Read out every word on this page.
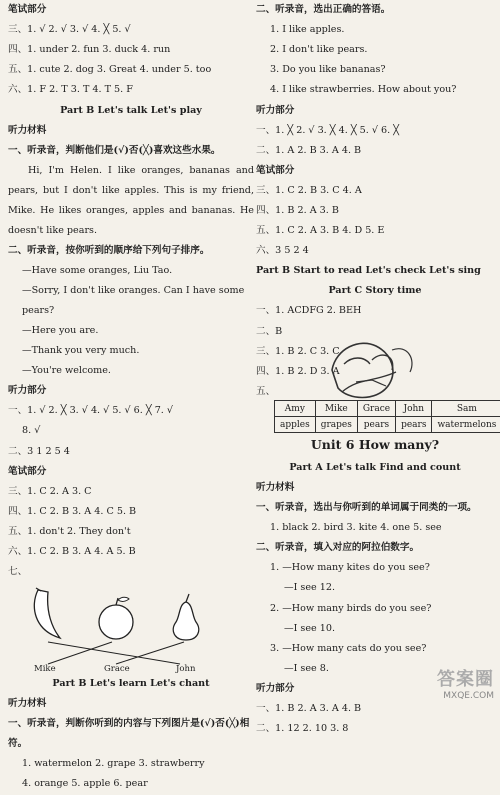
笔试部分
三、1. √ 2. √ 3. √ 4. ╳ 5. √
四、1. under 2. fun 3. duck 4. run
五、1. cute 2. dog 3. Great 4. under 5. too
六、1. F 2. T 3. T 4. T 5. F
Part B Let's talk Let's play
听力材料
一、听录音，判断他们是(√)否(╳)喜欢这些水果。
Hi, I'm Helen. I like oranges, bananas and pears, but I don't like apples. This is my friend, Mike. He likes oranges, apples and bananas. He doesn't like pears.
二、听录音，按你听到的顺序给下列句子排序。
—Have some oranges, Liu Tao.
—Sorry, I don't like oranges. Can I have some pears?
—Here you are.
—Thank you very much.
—You're welcome.
听力部分
一、1. √ 2. ╳ 3. √ 4. √ 5. √ 6. ╳ 7. √
8. √
二、3 1 2 5 4
笔试部分
三、1. C 2. A 3. C
四、1. C 2. B 3. A 4. C 5. B
五、1. don't 2. They don't
六、1. C 2. B 3. A 4. A 5. B
七、
Mike	Grace	John
Part B Let's learn Let's chant
听力材料
一、听录音，判断你听到的内容与下列图片是(√)否(╳)相符。
1. watermelon 2. grape 3. strawberry
4. orange 5. apple 6. pear
二、听录音，选出正确的答语。
1. I like apples.
2. I don't like pears.
3. Do you like bananas?
4. I like strawberries. How about you?
听力部分
一、1. ╳ 2. √ 3. ╳ 4. ╳ 5. √ 6. ╳
二、1. A 2. B 3. A 4. B
笔试部分
三、1. C 2. B 3. C 4. A
四、1. B 2. A 3. B
五、1. C 2. A 3. B 4. D 5. E
六、3 5 2 4
Part B Start to read Let's check Let's sing
Part C Story time
一、1. ACDFG 2. BEH
二、B
三、1. B 2. C 3. C
四、1. B 2. D 3. A
五、
Amy	Mike	Grace	John	Sam
apples	grapes	pears	pears	watermelons
Unit 6 How many?
Part A Let's talk Find and count
听力材料
一、听录音，选出与你听到的单词属于同类的一项。
1. black 2. bird 3. kite 4. one 5. see
二、听录音，填入对应的阿拉伯数字。
1. —How many kites do you see?
—I see 12.
2. —How many birds do you see?
—I see 10.
3. —How many cats do you see?
—I see 8.
听力部分
一、1. B 2. A 3. A 4. B
二、1. 12 2. 10 3. 8
答案圈
MXQE.COM
